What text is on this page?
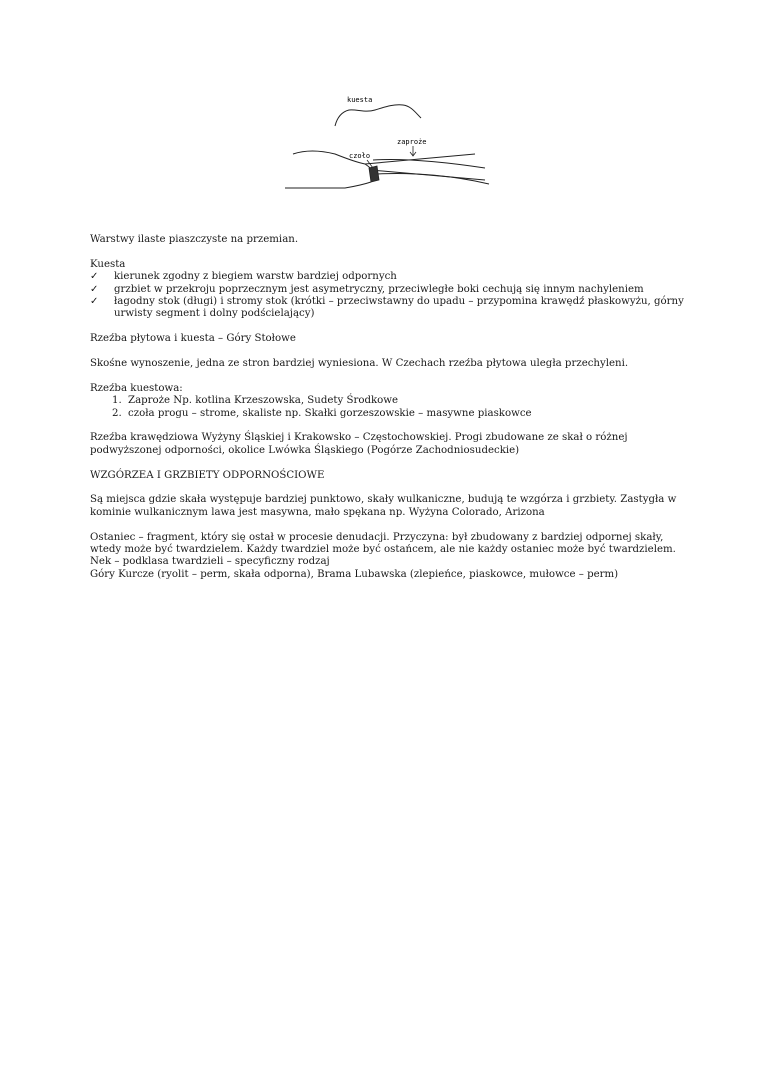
kuesta
zaproże
czoło

Warstwy ilaste piaszczyste na przemian.

Kuesta

✓ kierunek zgodny z biegiem warstw bardziej odpornych
✓ grzbiet w przekroju poprzecznym jest asymetryczny, przeciwległe boki cechują się innym nachyleniem
✓ łagodny stok (długi) i stromy stok (krótki – przeciwstawny do upadu – przypomina krawędź płaskowyżu, górny urwisty segment i dolny podścielający)

Rzeźba płytowa i kuesta – Góry Stołowe

Skośne wynoszenie, jedna ze stron bardziej wyniesiona. W Czechach rzeźba płytowa uległa przechyleni.

Rzeźba kuestowa:

1. Zaproże Np. kotlina Krzeszowska, Sudety Środkowe
2. czoła progu – strome, skaliste np. Skałki gorzeszowskie – masywne piaskowce

Rzeźba krawędziowa Wyżyny Śląskiej i Krakowsko – Częstochowskiej. Progi zbudowane ze skał o różnej podwyższonej odporności, okolice Lwówka Śląskiego (Pogórze Zachodniosudeckie)

WZGÓRZEA I GRZBIETY ODPORNOŚCIOWE

Są miejsca gdzie skała występuje bardziej punktowo, skały wulkaniczne, budują te wzgórza i grzbiety. Zastygła w kominie wulkanicznym lawa jest masywna, mało spękana np. Wyżyna Colorado, Arizona

Ostaniec – fragment, który się ostał w procesie denudacji. Przyczyna: był zbudowany z bardziej odpornej skały, wtedy może być twardzielem. Każdy twardziel może być ostańcem, ale nie każdy ostaniec może być twardzielem.

Nek – podklasa twardzieli – specyficzny rodzaj

Góry Kurcze (ryolit – perm, skała odporna), Brama Lubawska (zlepieńce, piaskowce, mułowce – perm)
